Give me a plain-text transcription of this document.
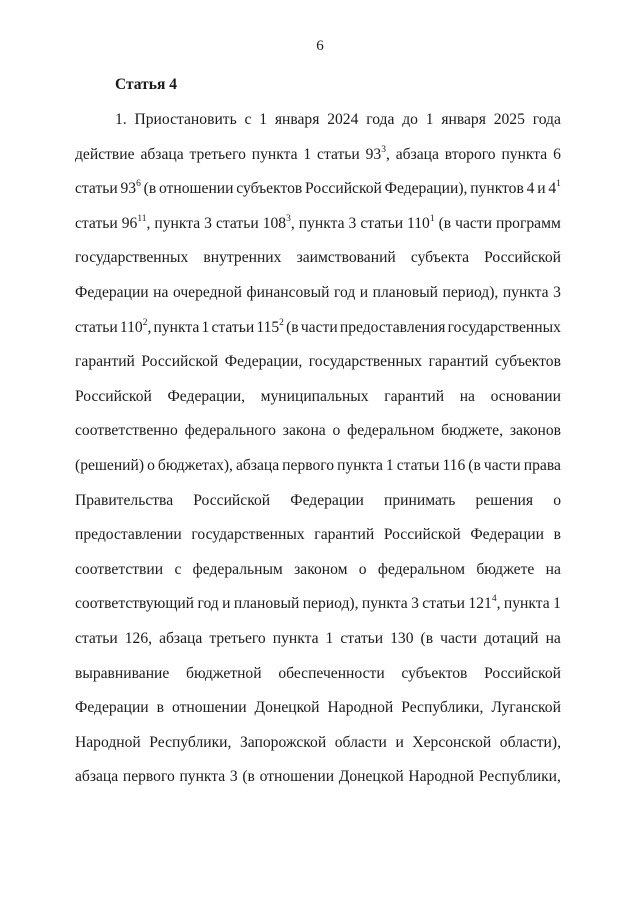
6
Статья 4
1. Приостановить с 1 января 2024 года до 1 января 2025 года
действие абзаца третьего пункта 1 статьи $93^3$, абзаца второго пункта 6
статьи $93^6$ (в отношении субъектов Российской Федерации), пунктов 4 и $4^1$
статьи $96^{11}$, пункта 3 статьи $108^3$, пункта 3 статьи $110^1$ (в части программ
государственных внутренних заимствований субъекта Российской
Федерации на очередной финансовый год и плановый период), пункта 3
статьи $110^2$, пункта 1 статьи $115^2$ (в части предоставления государственных
гарантий Российской Федерации, государственных гарантий субъектов
Российской Федерации, муниципальных гарантий на основании
соответственно федерального закона о федеральном бюджете, законов
(решений) о бюджетах), абзаца первого пункта 1 статьи 116 (в части права
Правительства Российской Федерации принимать решения о
предоставлении государственных гарантий Российской Федерации в
соответствии с федеральным законом о федеральном бюджете на
соответствующий год и плановый период), пункта 3 статьи $121^4$, пункта 1
статьи 126, абзаца третьего пункта 1 статьи 130 (в части дотаций на
выравнивание бюджетной обеспеченности субъектов Российской
Федерации в отношении Донецкой Народной Республики, Луганской
Народной Республики, Запорожской области и Херсонской области),
абзаца первого пункта 3 (в отношении Донецкой Народной Республики,
